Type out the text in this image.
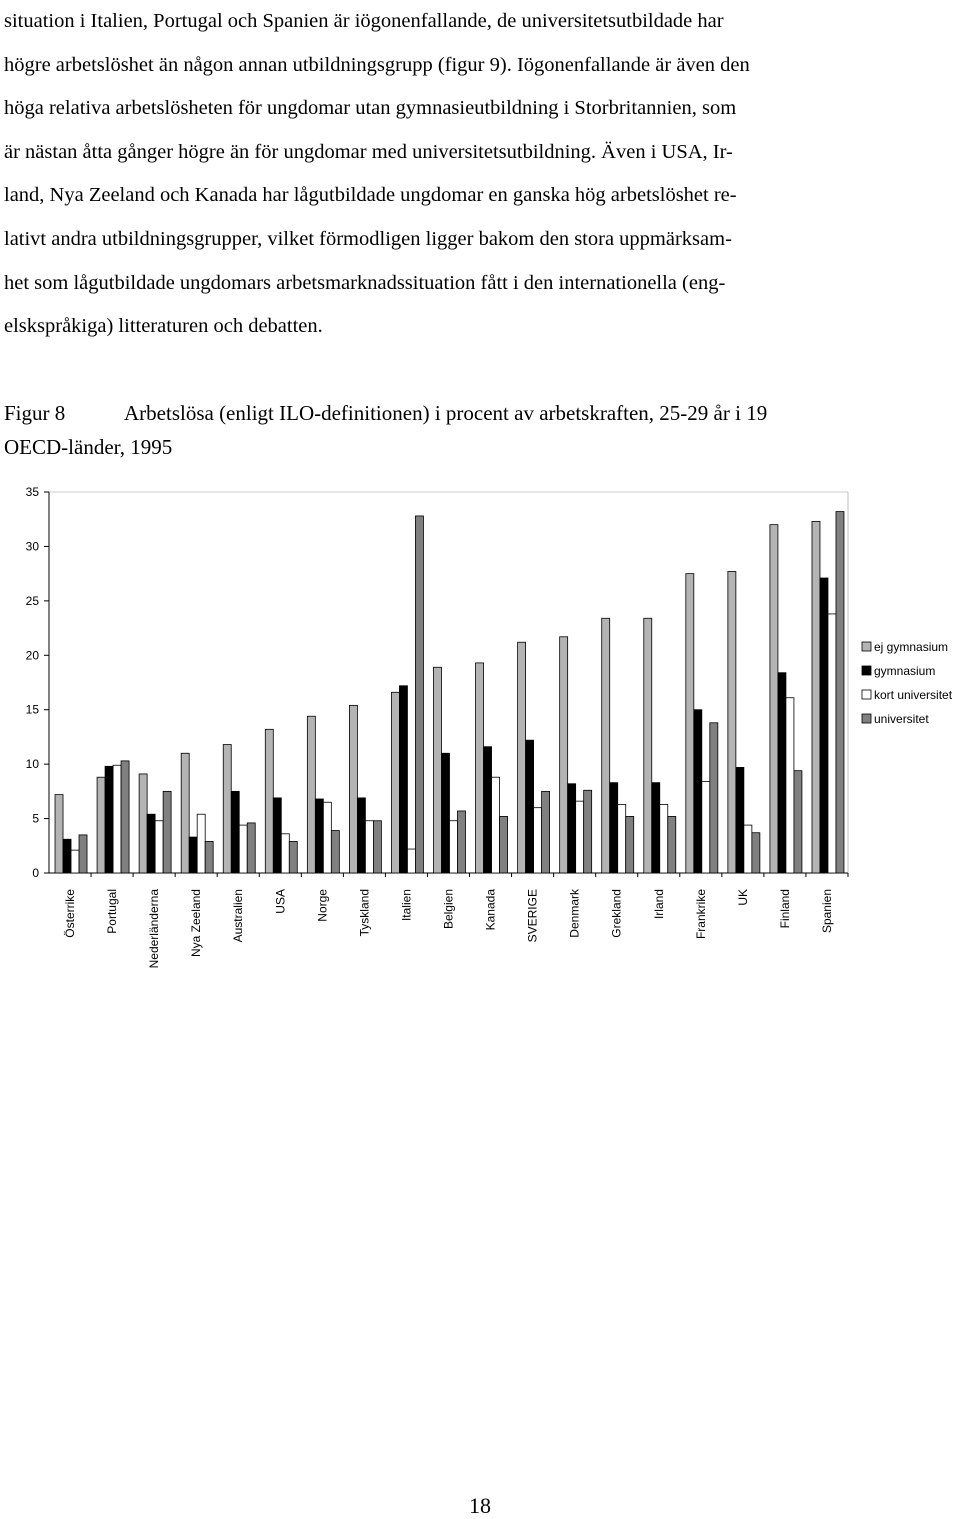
situation i Italien, Portugal och Spanien är iögonenfallande, de universitetsutbildade har
högre arbetslöshet än någon annan utbildningsgrupp (figur 9). Iögonenfallande är även den
höga relativa arbetslösheten för ungdomar utan gymnasieutbildning i Storbritannien, som
är nästan åtta gånger högre än för ungdomar med universitetsutbildning. Även i USA, Ir-
land, Nya Zeeland och Kanada har lågutbildade ungdomar en ganska hög arbetslöshet re-
lativt andra utbildningsgrupper, vilket förmodligen ligger bakom den stora uppmärksam-
het som lågutbildade ungdomars arbetsmarknadssituation fått i den internationella (eng-
elskspråkiga) litteraturen och debatten.

Figur 8	Arbetslösa (enligt ILO-definitionen) i procent av arbetskraften, 25-29 år i 19
OECD-länder, 1995
0
5
10
15
20
25
30
35
Österrike Portugal Nederländerna Nya Zeeland Australien USA Norge Tyskland Italien Belgien Kanada SVERIGE Denmark Grekland Irland Frankrike UK Finland Spanien
ej gymnasium
gymnasium
kort universitet
universitet
18
